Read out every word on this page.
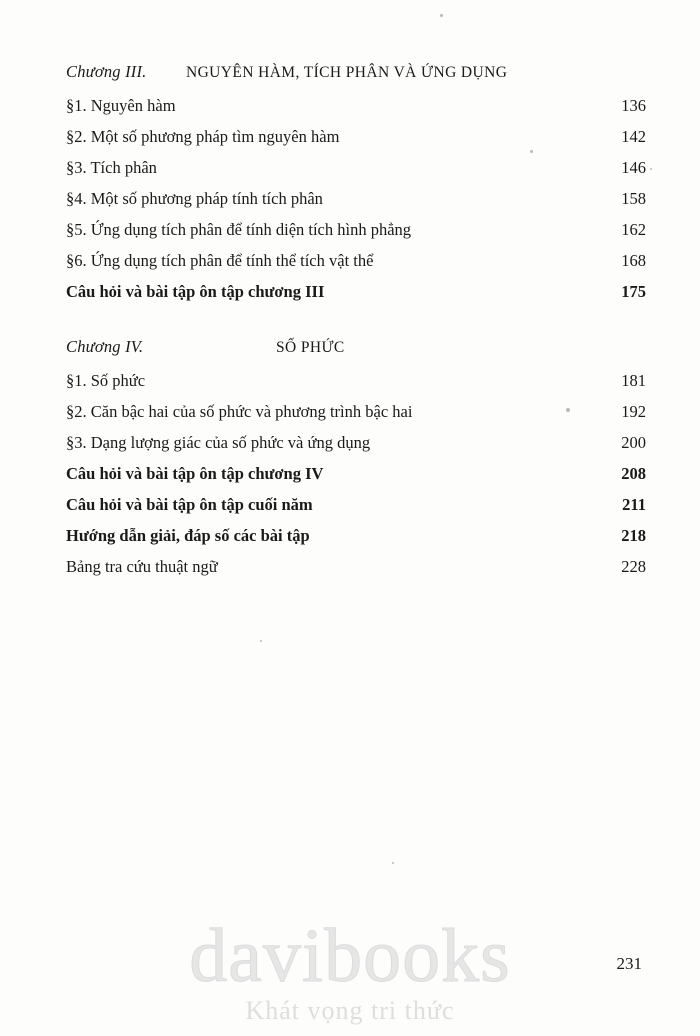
Chương III.	NGUYÊN HÀM, TÍCH PHÂN VÀ ỨNG DỤNG
§1. Nguyên hàm	136
§2. Một số phương pháp tìm nguyên hàm	142
§3. Tích phân	146
§4. Một số phương pháp tính tích phân	158
§5. Ứng dụng tích phân để tính diện tích hình phẳng	162
§6. Ứng dụng tích phân để tính thể tích vật thể	168
Câu hỏi và bài tập ôn tập chương III	175
Chương IV.	SỐ PHỨC
§1. Số phức	181
§2. Căn bậc hai của số phức và phương trình bậc hai	192
§3. Dạng lượng giác của số phức và ứng dụng	200
Câu hỏi và bài tập ôn tập chương IV	208
Câu hỏi và bài tập ôn tập cuối năm	211
Hướng dẫn giải, đáp số các bài tập	218
Bảng tra cứu thuật ngữ	228
davibooks
Khát vọng tri thức
231
